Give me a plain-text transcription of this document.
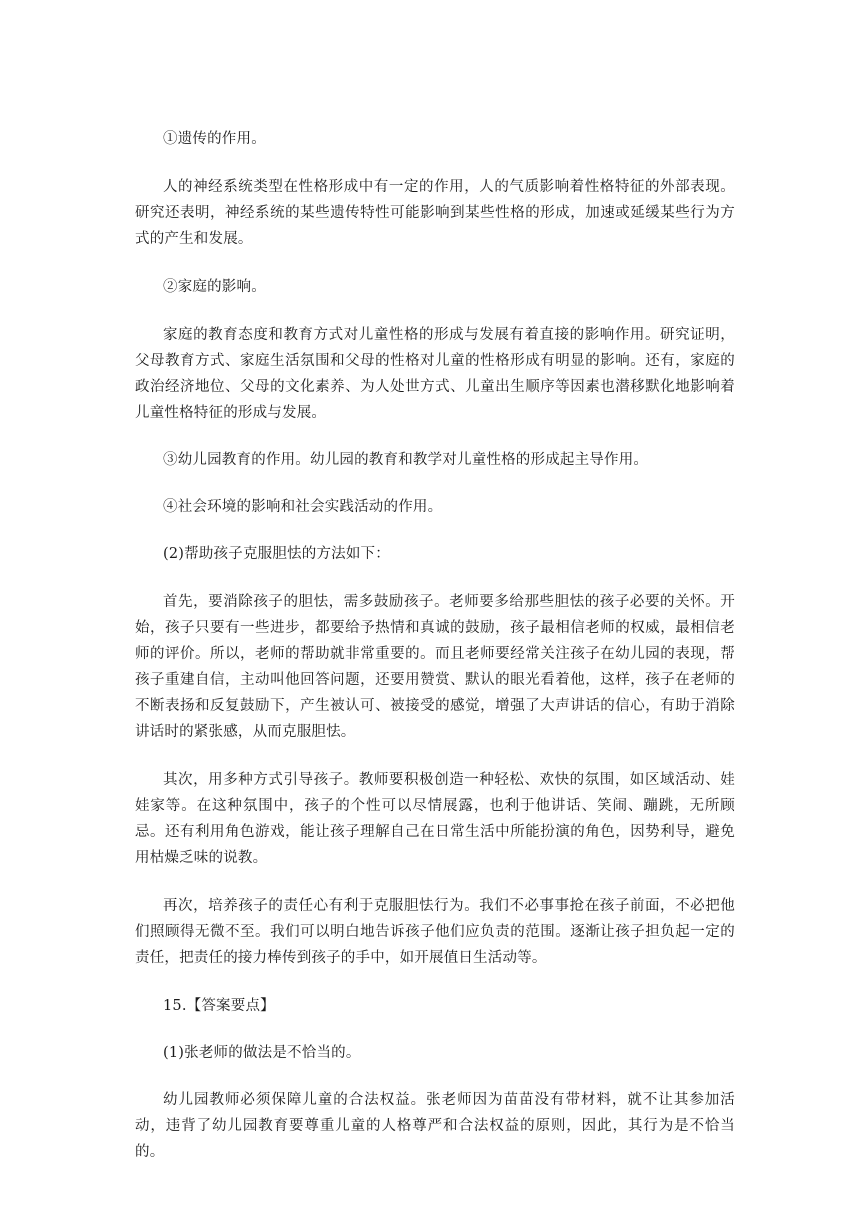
①遗传的作用。

人的神经系统类型在性格形成中有一定的作用，人的气质影响着性格特征的外部表现。研究还表明，神经系统的某些遗传特性可能影响到某些性格的形成，加速或延缓某些行为方式的产生和发展。

②家庭的影响。

家庭的教育态度和教育方式对儿童性格的形成与发展有着直接的影响作用。研究证明，父母教育方式、家庭生活氛围和父母的性格对儿童的性格形成有明显的影响。还有，家庭的政治经济地位、父母的文化素养、为人处世方式、儿童出生顺序等因素也潜移默化地影响着儿童性格特征的形成与发展。

③幼儿园教育的作用。幼儿园的教育和教学对儿童性格的形成起主导作用。

④社会环境的影响和社会实践活动的作用。

(2)帮助孩子克服胆怯的方法如下：

首先，要消除孩子的胆怯，需多鼓励孩子。老师要多给那些胆怯的孩子必要的关怀。开始，孩子只要有一些进步，都要给予热情和真诚的鼓励，孩子最相信老师的权威，最相信老师的评价。所以，老师的帮助就非常重要的。而且老师要经常关注孩子在幼儿园的表现，帮孩子重建自信，主动叫他回答问题，还要用赞赏、默认的眼光看着他，这样，孩子在老师的不断表扬和反复鼓励下，产生被认可、被接受的感觉，增强了大声讲话的信心，有助于消除讲话时的紧张感，从而克服胆怯。

其次，用多种方式引导孩子。教师要积极创造一种轻松、欢快的氛围，如区域活动、娃娃家等。在这种氛围中，孩子的个性可以尽情展露，也利于他讲话、笑闹、蹦跳，无所顾忌。还有利用角色游戏，能让孩子理解自己在日常生活中所能扮演的角色，因势利导，避免用枯燥乏味的说教。

再次，培养孩子的责任心有利于克服胆怯行为。我们不必事事抢在孩子前面，不必把他们照顾得无微不至。我们可以明白地告诉孩子他们应负责的范围。逐渐让孩子担负起一定的责任，把责任的接力棒传到孩子的手中，如开展值日生活动等。

15.【答案要点】

(1)张老师的做法是不恰当的。

幼儿园教师必须保障儿童的合法权益。张老师因为苗苗没有带材料，就不让其参加活动，违背了幼儿园教育要尊重儿童的人格尊严和合法权益的原则，因此，其行为是不恰当的。
